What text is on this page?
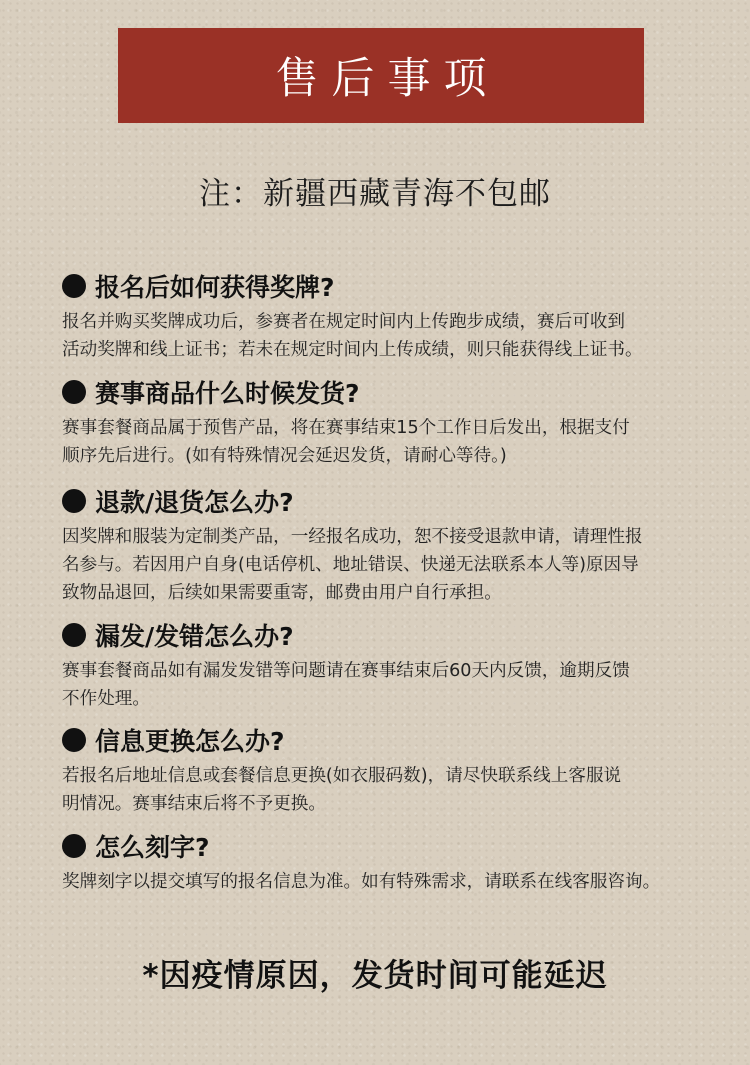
售后事项
注：新疆西藏青海不包邮
报名后如何获得奖牌?
报名并购买奖牌成功后，参赛者在规定时间内上传跑步成绩，赛后可收到
活动奖牌和线上证书；若未在规定时间内上传成绩，则只能获得线上证书。
赛事商品什么时候发货?
赛事套餐商品属于预售产品，将在赛事结束15个工作日后发出，根据支付
顺序先后进行。(如有特殊情况会延迟发货，请耐心等待。)
退款/退货怎么办?
因奖牌和服装为定制类产品，一经报名成功，恕不接受退款申请，请理性报
名参与。若因用户自身(电话停机、地址错误、快递无法联系本人等)原因导
致物品退回，后续如果需要重寄，邮费由用户自行承担。
漏发/发错怎么办?
赛事套餐商品如有漏发发错等问题请在赛事结束后60天内反馈，逾期反馈
不作处理。
信息更换怎么办?
若报名后地址信息或套餐信息更换(如衣服码数)，请尽快联系线上客服说
明情况。赛事结束后将不予更换。
怎么刻字?
奖牌刻字以提交填写的报名信息为准。如有特殊需求，请联系在线客服咨询。
*因疫情原因，发货时间可能延迟
